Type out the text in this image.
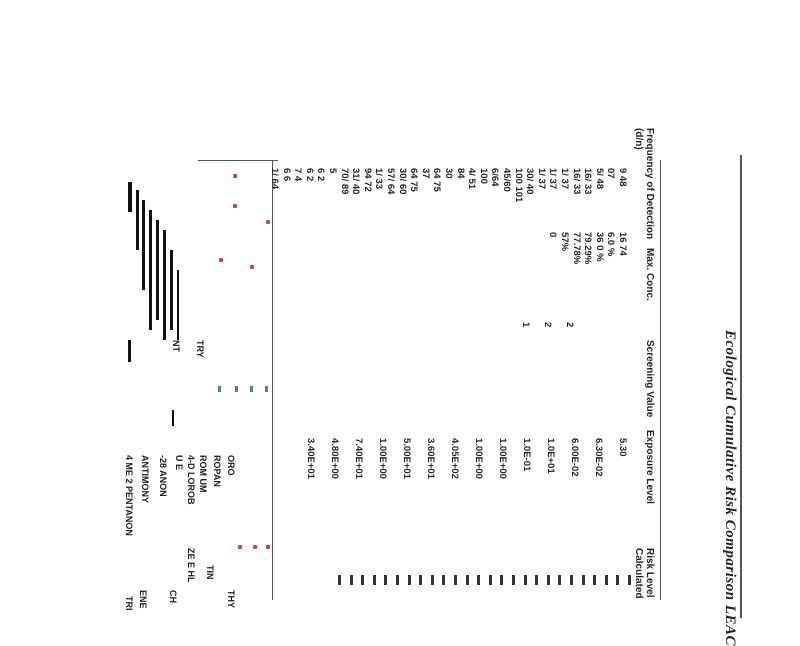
Ecological Cumulative Risk Comparison LEAC
Frequency of Detection (d/n)
Max. Conc.
Screening Value
Exposure Level
Risk Level Calculated
9 48
07
5/ 48
16/ 33
16/ 33
1/ 37
1/ 37
1/ 37
30/ 40
100 101
45/60
6/64
100
4/ 51
84
30
64 75
37
64 75
30/ 60
57/ 64
1/ 33
94 72
31/ 40
70/ 89
5
6 2
6 2
7 4
6 6
1/ 64
16 74
6.0 %
36 0 %
79.29%
77.78%
57%
0
2
2
1
5.30
6.30E-02
6.00E-02
1.0E+01
1.0E-01
1.00E+00
1.00E+00
4.05E+02
3.60E+01
5.00E+01
1.00E+00
7.40E+01
4.80E+00
3.40E+01
ORO
ROPAN
ROM UM
4-D LOROB
U E
-28 ANON
ANTIMONY
4 ME 2 PENTANON
THY
TIN
ZE E HL
CH
ENE
TRI
NT TRY
